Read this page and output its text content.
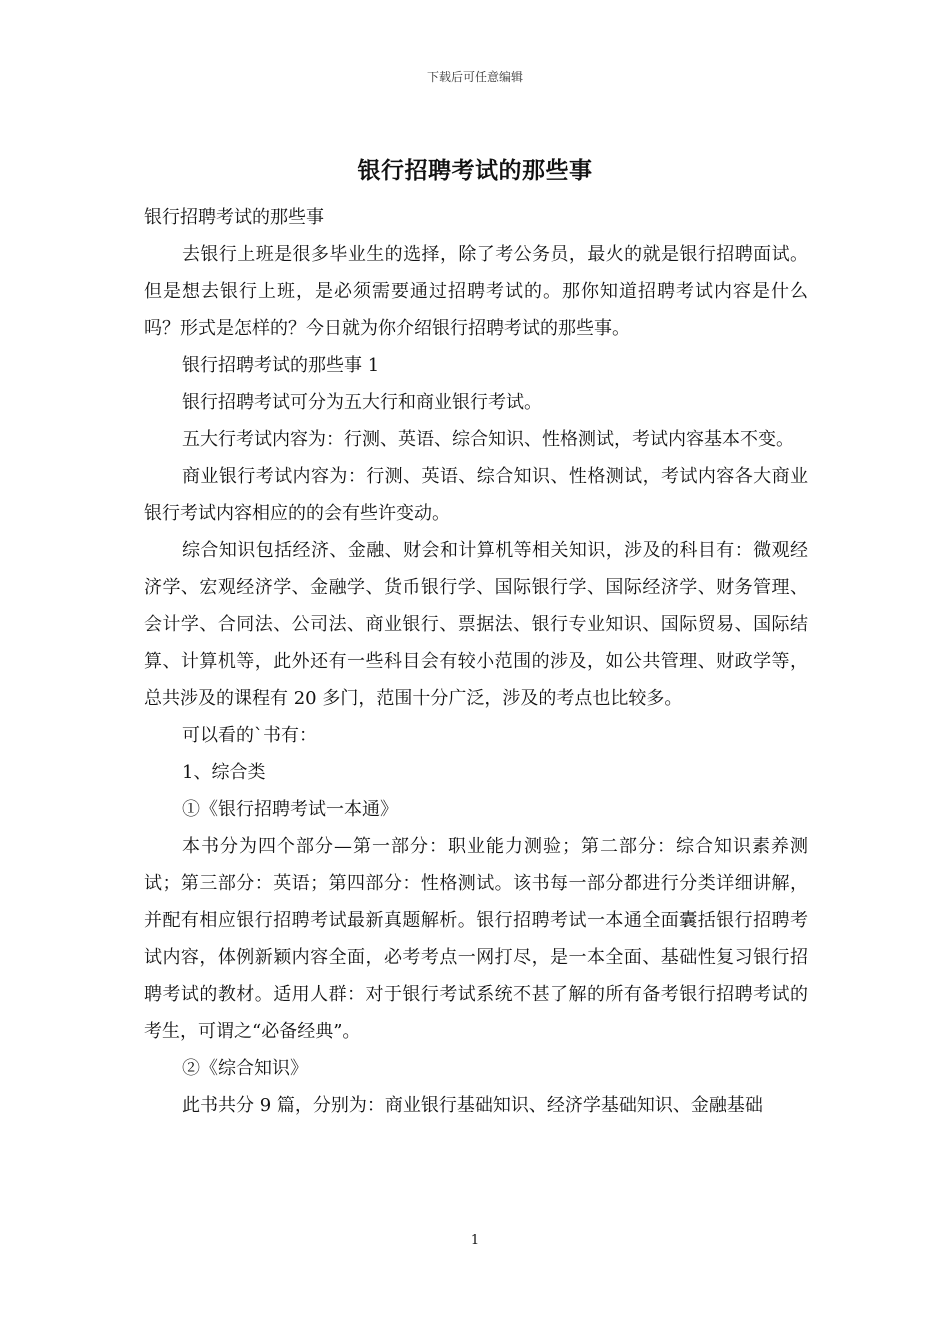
下载后可任意编辑
银行招聘考试的那些事

银行招聘考试的那些事

去银行上班是很多毕业生的选择，除了考公务员，最火的就是银行招聘面试。但是想去银行上班，是必须需要通过招聘考试的。那你知道招聘考试内容是什么吗？形式是怎样的？今日就为你介绍银行招聘考试的那些事。

银行招聘考试的那些事 1

银行招聘考试可分为五大行和商业银行考试。

五大行考试内容为：行测、英语、综合知识、性格测试，考试内容基本不变。

商业银行考试内容为：行测、英语、综合知识、性格测试，考试内容各大商业银行考试内容相应的的会有些许变动。

综合知识包括经济、金融、财会和计算机等相关知识，涉及的科目有：微观经济学、宏观经济学、金融学、货币银行学、国际银行学、国际经济学、财务管理、会计学、合同法、公司法、商业银行、票据法、银行专业知识、国际贸易、国际结算、计算机等，此外还有一些科目会有较小范围的涉及，如公共管理、财政学等，总共涉及的课程有 20 多门，范围十分广泛，涉及的考点也比较多。

可以看的`书有：

1、综合类

①《银行招聘考试一本通》

本书分为四个部分—第一部分：职业能力测验；第二部分：综合知识素养测试；第三部分：英语；第四部分：性格测试。该书每一部分都进行分类详细讲解，并配有相应银行招聘考试最新真题解析。银行招聘考试一本通全面囊括银行招聘考试内容，体例新颖内容全面，必考考点一网打尽，是一本全面、基础性复习银行招聘考试的教材。适用人群：对于银行考试系统不甚了解的所有备考银行招聘考试的考生，可谓之“必备经典”。

②《综合知识》

此书共分 9 篇，分别为：商业银行基础知识、经济学基础知识、金融基础

1
